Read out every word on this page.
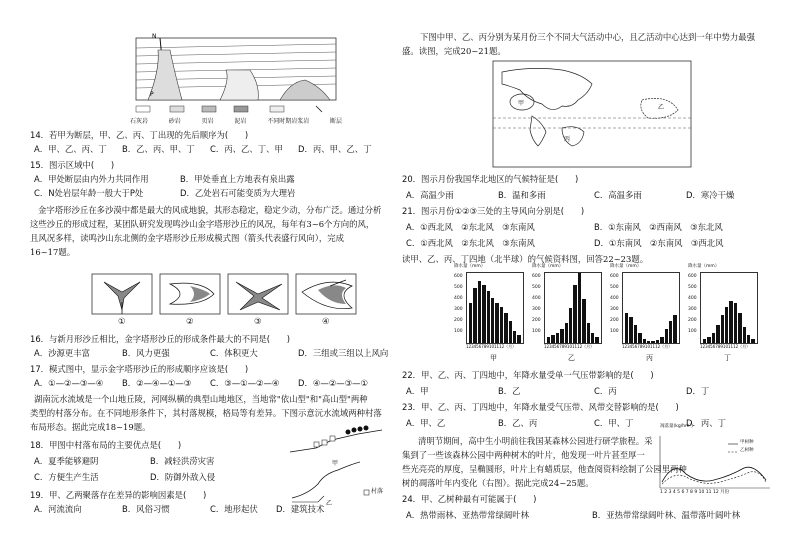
N
P
石灰岩	砂岩	页岩	泥岩	不同时期岩浆岩	断层
14．若甲为断层，甲、乙、丙、丁出现的先后顺序为(　　)
A．甲、乙、丙、丁 B．乙、丙、甲、丁 C．丙、乙、丁、甲 D．丙、甲、乙、丁
15．图示区域中(　　)
A．甲处断层由内外力共同作用	B．甲处垂直上方地表有泉出露
C．N处岩层年龄一般大于P处	D．乙处岩石可能变质为大理岩
金字塔形沙丘在多沙漠中都是最大的风成地貌，其形态稳定，稳定少动，分布广泛。通过分析
这些沙丘的形成过程，某团队研究发现鸣沙山金字塔形沙丘的风况，每年有3~6个方向的风，
且风况多样，读鸣沙山东北侧的金字塔形沙丘形成模式图（箭头代表盛行风向），完成
16~17题。
①	②	③	④
16．与新月形沙丘相比，金字塔形沙丘的形成条件最大的不同是(　　)
A．沙源更丰富	B．风力更强	C．体积更大	D．三组或三组以上风向
17．模式图中，显示金字塔形沙丘的形成顺序应该是(　　)
A．①—②—③—④ B．②—④—①—③ C．③—①—②—④ D．④—②—③—①
湖南沅水流域是一个山地丘陵，河网纵横的典型山地地区，当地常"依山型"和"高山型"两种
类型的村落分布。在不同地形条件下，其村落规模，格局等有差异。下图示意沅水流域两种村落
布局形态。据此完成18~19题。
18．甲图中村落布局的主要优点是(　　)
A．夏季能够避阴	B．减轻洪涝灾害
C．方便生产生活	D．防御外敌入侵
甲
乙
村落
19．甲、乙两聚落存在差异的影响因素是(　　)
A．河流流向	B．风俗习惯	C．地形起伏 D．建筑技术
下图中甲、乙、丙分别为某月份三个不同大气活动中心，且乙活动中心达到一年中势力最强
盛。读图，完成20~21题。
甲
乙
丙
20．图示月份我国华北地区的气候特征是(　　)
A．高温少雨	B．温和多雨	C．高温多雨	D．寒冷干燥
21．图示月份①②③三处的主导风向分别是(　　)
A．①西北风　②东北风　③东南风	B．①东南风　②西南风　③东北风
C．①西北风　②东北风　③东南风	D．①东南风　②东南风　③西北风
读甲、乙、丙、丁四地（北半球）的气候资料图，回答22~23题。
降水量（mm）
600
500
400
300
200
100
123456789101112（月）
甲
降水量（mm）
600
500
400
300
200
100
123456789101112（月）
乙
降水量（mm）
600
500
400
300
200
100
123456789101112（月）
丙
降水量（mm）
600
500
400
300
200
100
123456789101112（月）
丁
22．甲、乙、丙、丁四地中，年降水量受单一气压带影响的是(　　)
A．甲	B．乙	C．丙	D．丁
23．甲、乙、丙、丁四地中，年降水量受气压带、风带交替影响的是(　　)
A．甲、乙	B．乙、丙	C．甲、丁	D．丙、丁
清明节期间，高中生小明前往我国某森林公园进行研学旅程。采
集到了一些该森林公园中两种树木的叶片，他发现一叶片甚至厚一
些光亮亮的厚度，呈椭圆形，叶片上有蜡质层，他查阅资料绘制了公园里两种
树的凋落叶年内变化（右图）。据此完成24~25题。
凋落量(kg/hm²)
甲树种
乙树种
1 2 3 4 5 6 7 8 9 10 11 12 月份
24．甲、乙树种最有可能属于(　　)
A．热带雨林、亚热带常绿阔叶林	B．亚热带常绿阔叶林、温带落叶阔叶林
